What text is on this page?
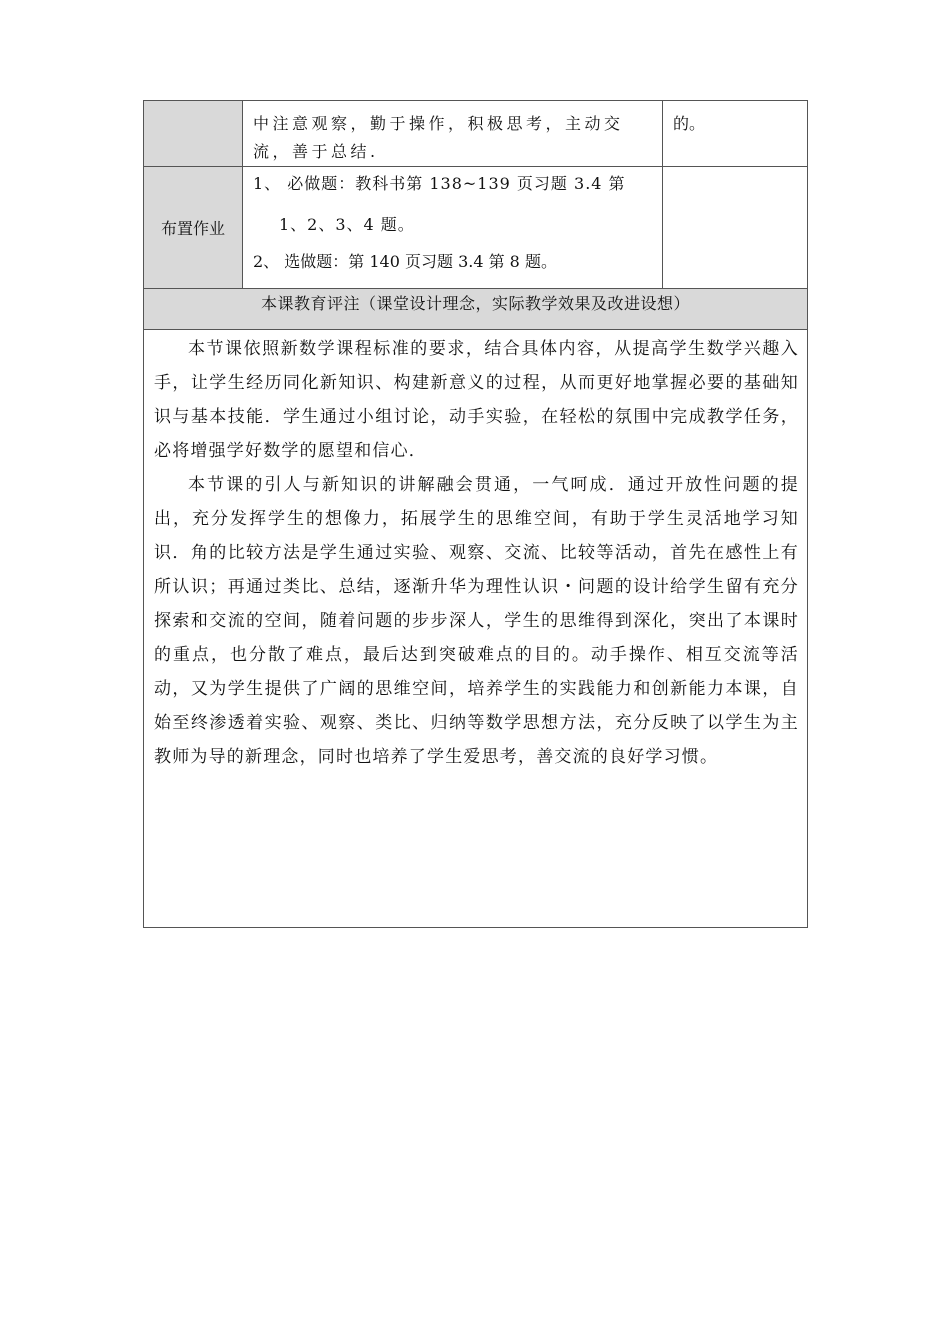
	中注意观察，勤于操作，积极思考，主动交流，善于总结.	的。

布置作业	1、 必做题：教科书第 138~139 页习题 3.4 第
1、2、3、4 题。
2、 选做题：第 140 页习题 3.4 第 8 题。	

本课教育评注（课堂设计理念，实际教学效果及改进设想）		

本节课依照新数学课程标准的要求，结合具体内容，从提高学生数学兴趣入手，让学生经历同化新知识、构建新意义的过程，从而更好地掌握必要的基础知识与基本技能．学生通过小组讨论，动手实验，在轻松的氛围中完成教学任务，必将增强学好数学的愿望和信心．

本节课的引人与新知识的讲解融会贯通，一气呵成．通过开放性问题的提出，充分发挥学生的想像力，拓展学生的思维空间，有助于学生灵活地学习知识．角的比较方法是学生通过实验、观察、交流、比较等活动，首先在感性上有所认识；再通过类比、总结，逐渐升华为理性认识・问题的设计给学生留有充分探索和交流的空间，随着问题的步步深人，学生的思维得到深化，突出了本课时的重点，也分散了难点，最后达到突破难点的目的。动手操作、相互交流等活动，又为学生提供了广阔的思维空间，培养学生的实践能力和创新能力本课，自始至终渗透着实验、观察、类比、归纳等数学思想方法，充分反映了以学生为主教师为导的新理念，同时也培养了学生爱思考，善交流的良好学习惯。		
